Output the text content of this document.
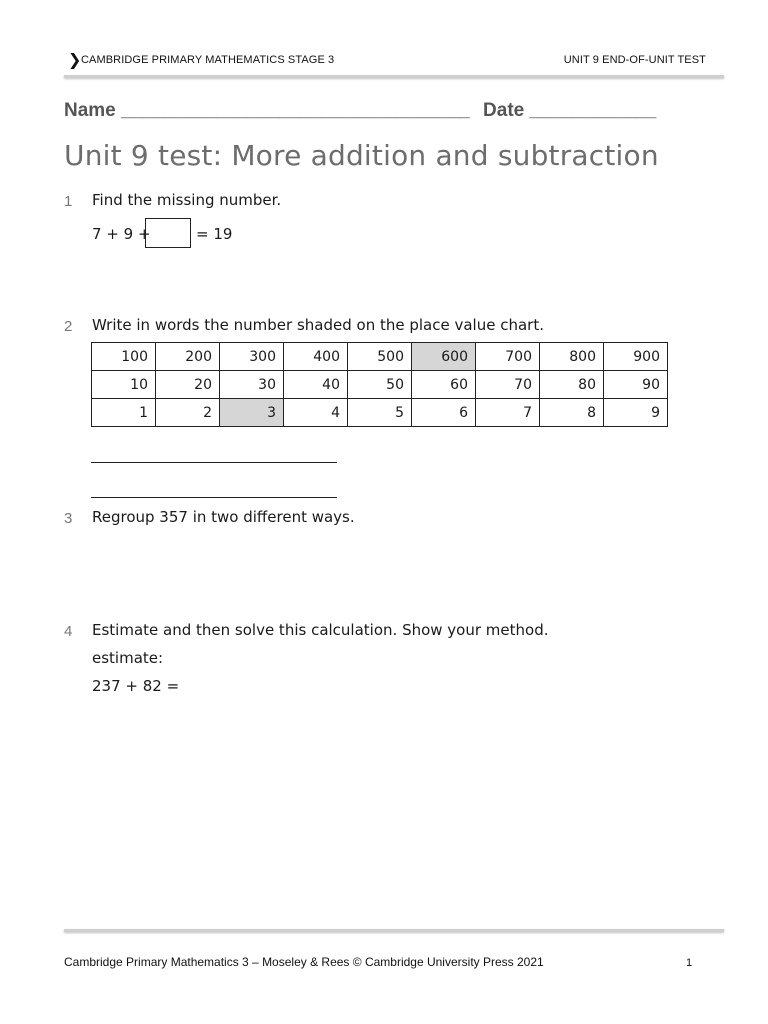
❯ CAMBRIDGE PRIMARY MATHEMATICS STAGE 3	UNIT 9 END-OF-UNIT TEST
Name _________________________________ Date ____________
Unit 9 test: More addition and subtraction
1 Find the missing number.
7 + 9 +	= 19
2 Write in words the number shaded on the place value chart.
100	200	300	400	500	600	700	800	900
10	20	30	40	50	60	70	80	90
1	2	3	4	5	6	7	8	9
3 Regroup 357 in two different ways.
4 Estimate and then solve this calculation. Show your method.
estimate:
237 + 82 =
Cambridge Primary Mathematics 3 – Moseley & Rees © Cambridge University Press 2021	1
